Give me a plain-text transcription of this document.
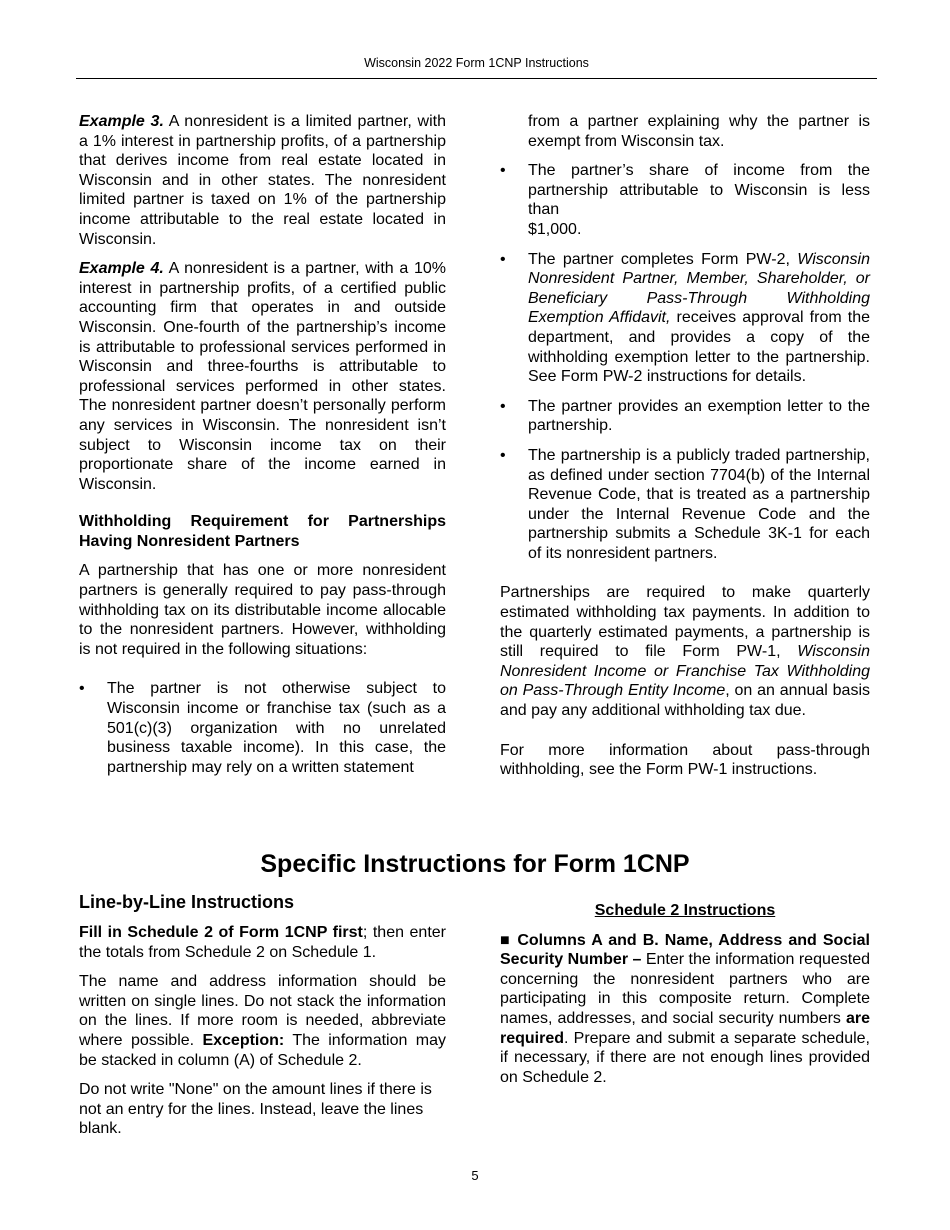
Wisconsin 2022 Form 1CNP Instructions

Example 3. A nonresident is a limited partner, with a 1% interest in partnership profits, of a partnership that derives income from real estate located in Wisconsin and in other states. The nonresident limited partner is taxed on 1% of the partnership income attributable to the real estate located in Wisconsin.

Example 4. A nonresident is a partner, with a 10% interest in partnership profits, of a certified public accounting firm that operates in and outside Wisconsin. One-fourth of the partnership’s income is attributable to professional services performed in Wisconsin and three-fourths is attributable to professional services performed in other states. The nonresident partner doesn’t personally perform any services in Wisconsin. The nonresident isn’t subject to Wisconsin income tax on their proportionate share of the income earned in Wisconsin.

Withholding Requirement for Partnerships Having Nonresident Partners

A partnership that has one or more nonresident partners is generally required to pay pass-through withholding tax on its distributable income allocable to the nonresident partners. However, withholding is not required in the following situations:

• The partner is not otherwise subject to Wisconsin income or franchise tax (such as a 501(c)(3) organization with no unrelated business taxable income). In this case, the partnership may rely on a written statement

from a partner explaining why the partner is exempt from Wisconsin tax.

• The partner’s share of income from the partnership attributable to Wisconsin is less than
$1,000.
• The partner completes Form PW-2, Wisconsin Nonresident Partner, Member, Shareholder, or Beneficiary Pass-Through Withholding Exemption Affidavit, receives approval from the department, and provides a copy of the withholding exemption letter to the partnership. See Form PW-2 instructions for details.
• The partner provides an exemption letter to the partnership.
• The partnership is a publicly traded partnership, as defined under section 7704(b) of the Internal Revenue Code, that is treated as a partnership under the Internal Revenue Code and the partnership submits a Schedule 3K-1 for each of its nonresident partners.

Partnerships are required to make quarterly estimated withholding tax payments. In addition to the quarterly estimated payments, a partnership is still required to file Form PW-1, Wisconsin Nonresident Income or Franchise Tax Withholding on Pass-Through Entity Income, on an annual basis and pay any additional withholding tax due.

For more information about pass-through withholding, see the Form PW-1 instructions.

Specific Instructions for Form 1CNP

Line-by-Line Instructions

Fill in Schedule 2 of Form 1CNP first; then enter the totals from Schedule 2 on Schedule 1.

The name and address information should be written on single lines. Do not stack the information on the lines. If more room is needed, abbreviate where possible. Exception: The information may be stacked in column (A) of Schedule 2.

Do not write "None" on the amount lines if there is not an entry for the lines. Instead, leave the lines blank.

Schedule 2 Instructions

■ Columns A and B. Name, Address and Social Security Number – Enter the information requested concerning the nonresident partners who are participating in this composite return. Complete names, addresses, and social security numbers are required. Prepare and submit a separate schedule, if necessary, if there are not enough lines provided on Schedule 2.

5
